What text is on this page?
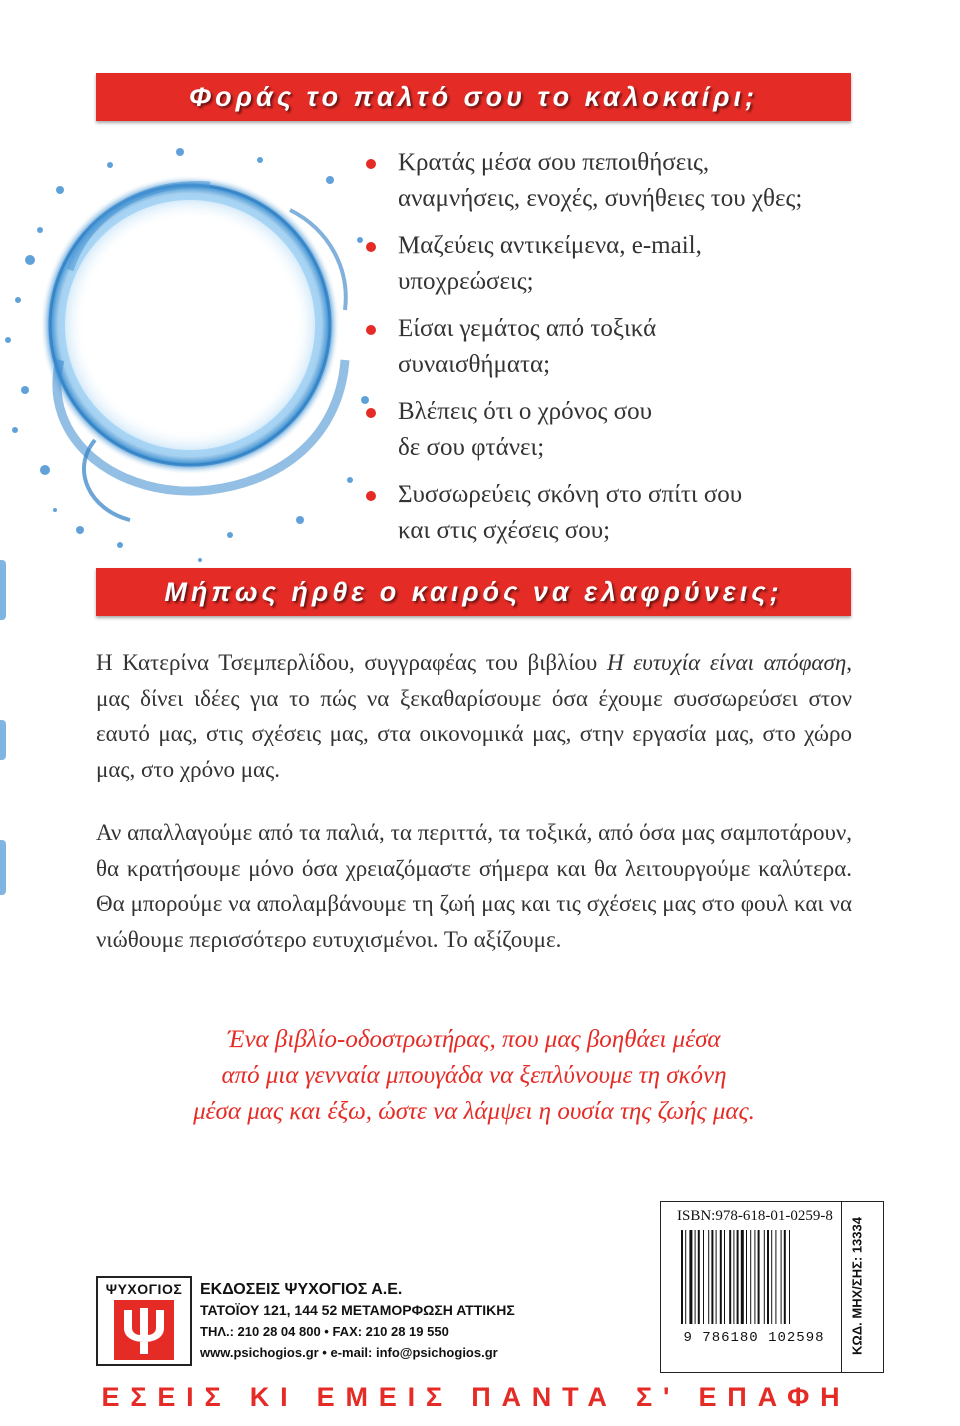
Φοράς το παλτό σου το καλοκαίρι;
Κρατάς μέσα σου πεποιθήσεις,
αναμνήσεις, ενοχές, συνήθειες του χθες;
Μαζεύεις αντικείμενα, e-mail,
υποχρεώσεις;
Είσαι γεμάτος από τοξικά
συναισθήματα;
Βλέπεις ότι ο χρόνος σου
δε σου φτάνει;
Συσσωρεύεις σκόνη στο σπίτι σου
και στις σχέσεις σου;
Μήπως ήρθε ο καιρός να ελαφρύνεις;

Η Κατερίνα Τσεμπερλίδου, συγγραφέας του βιβλίου Η ευτυχία είναι απόφαση, μας δίνει ιδέες για το πώς να ξεκαθαρίσουμε όσα έχουμε συσσωρεύσει στον εαυτό μας, στις σχέσεις μας, στα οικονομικά μας, στην εργασία μας, στο χώρο μας, στο χρόνο μας.

Αν απαλλαγούμε από τα παλιά, τα περιττά, τα τοξικά, από όσα μας σαμποτάρουν, θα κρατήσουμε μόνο όσα χρειαζόμαστε σήμερα και θα λειτουργούμε καλύτερα. Θα μπορούμε να απολαμβάνουμε τη ζωή μας και τις σχέσεις μας στο φουλ και να νιώθουμε περισσότερο ευτυχισμένοι. Το αξίζουμε.

Ένα βιβλίο-οδοστρωτήρας, που μας βοηθάει μέσα
από μια γενναία μπουγάδα να ξεπλύνουμε τη σκόνη
μέσα μας και έξω, ώστε να λάμψει η ουσία της ζωής μας.
ISBN:978-618-01-0259-8
9 786180 102598	ΚΩΔ. ΜΗΧ/ΣΗΣ: 13334
ΨΥΧΟΓΙΟΣ	ΕΚΔΟΣΕΙΣ ΨΥΧΟΓΙΟΣ Α.Ε.
ΤΑΤΟΪΟΥ 121, 144 52 ΜΕΤΑΜΟΡΦΩΣΗ ΑΤΤΙΚΗΣ
ΤΗΛ.: 210 28 04 800 • FAX: 210 28 19 550
www.psichogios.gr • e-mail: info@psichogios.gr
ΕΣΕΙΣ ΚΙ ΕΜΕΙΣ ΠΑΝΤΑ Σ' ΕΠΑΦΗ
